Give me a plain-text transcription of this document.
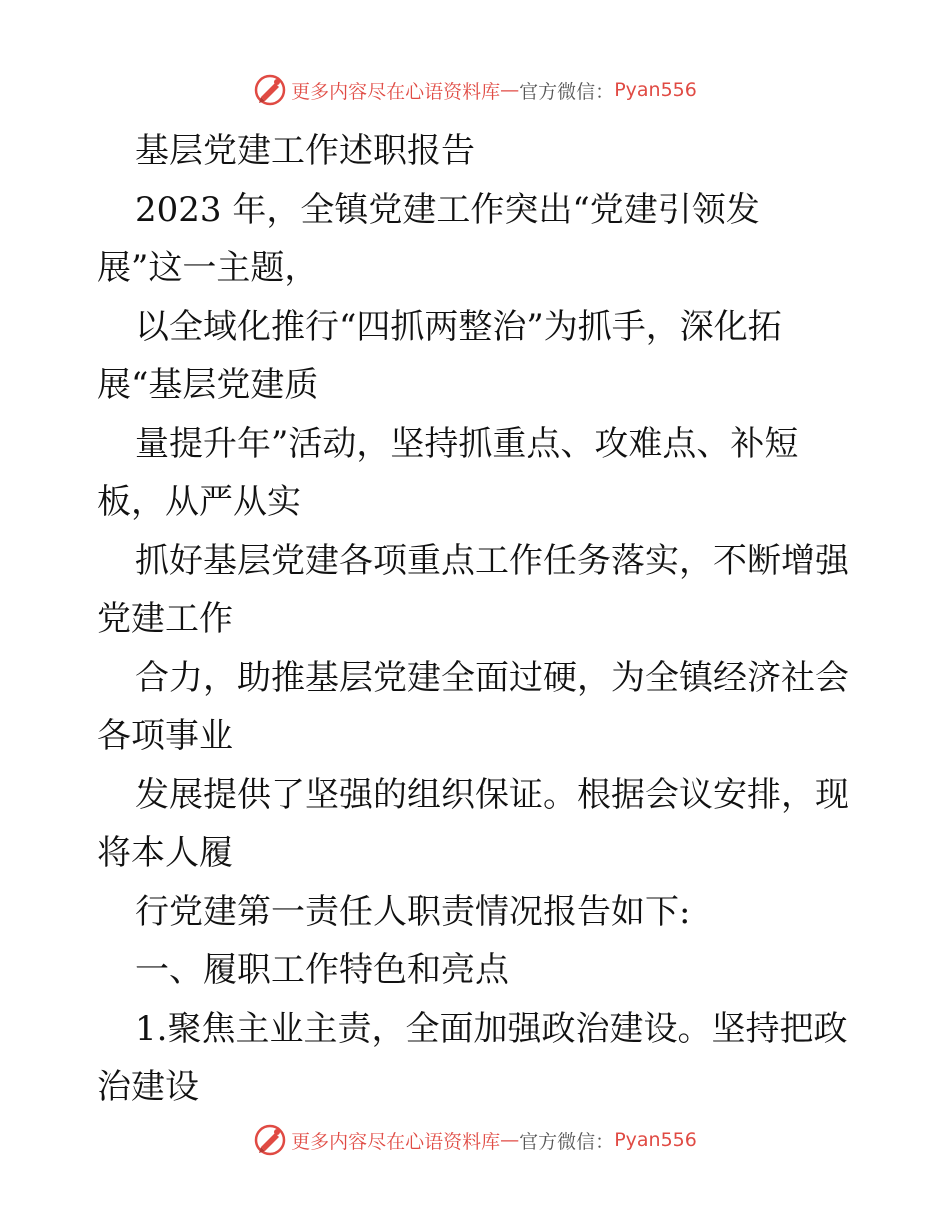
更多内容尽在心语资料库 — 官方微信： Pyan556
基层党建工作述职报告
2023 年，全镇党建工作突出“党建引领发
展”这一主题，
以全域化推行“四抓两整治”为抓手，深化拓
展“基层党建质
量提升年”活动，坚持抓重点、攻难点、补短
板，从严从实
抓好基层党建各项重点工作任务落实，不断增强
党建工作
合力，助推基层党建全面过硬，为全镇经济社会
各项事业
发展提供了坚强的组织保证。根据会议安排，现
将本人履
行党建第一责任人职责情况报告如下:
一、履职工作特色和亮点
1.聚焦主业主责，全面加强政治建设。坚持把政
治建设
更多内容尽在心语资料库 — 官方微信： Pyan556
